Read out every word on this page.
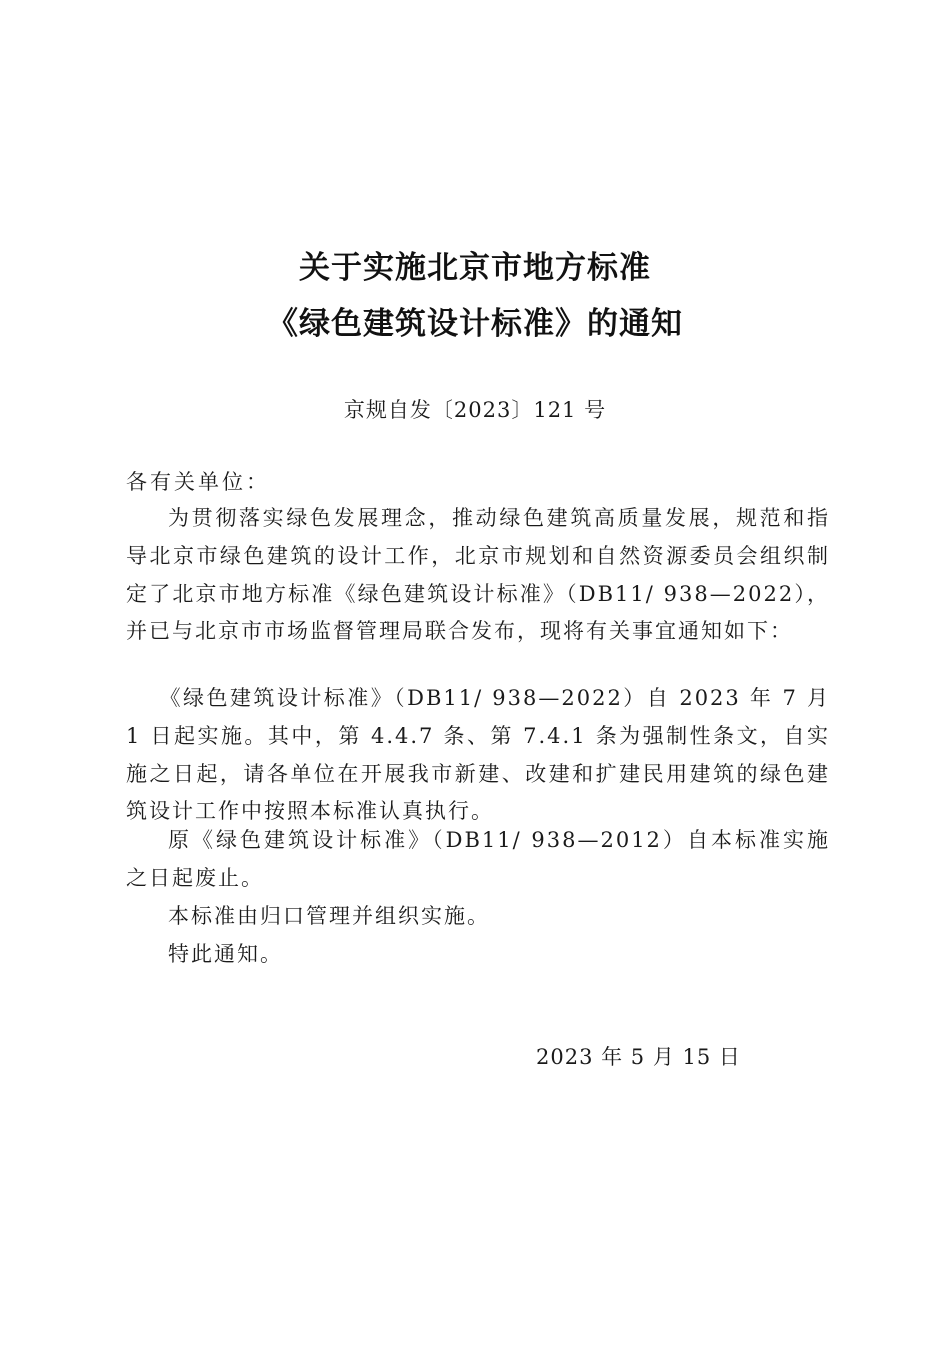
关于实施北京市地方标准
《绿色建筑设计标准》的通知
京规自发〔2023〕121 号
各有关单位：

为贯彻落实绿色发展理念，推动绿色建筑高质量发展，规范和指导北京市绿色建筑的设计工作，北京市规划和自然资源委员会组织制定了北京市地方标准《绿色建筑设计标准》（DB11/ 938—2022），并已与北京市市场监督管理局联合发布，现将有关事宜通知如下：

《绿色建筑设计标准》（DB11/ 938—2022）自 2023 年 7 月 1 日起实施。其中，第 4.4.7 条、第 7.4.1 条为强制性条文，自实施之日起，请各单位在开展我市新建、改建和扩建民用建筑的绿色建筑设计工作中按照本标准认真执行。

原《绿色建筑设计标准》（DB11/ 938—2012）自本标准实施之日起废止。

本标准由归口管理并组织实施。

特此通知。

2023 年 5 月 15 日
